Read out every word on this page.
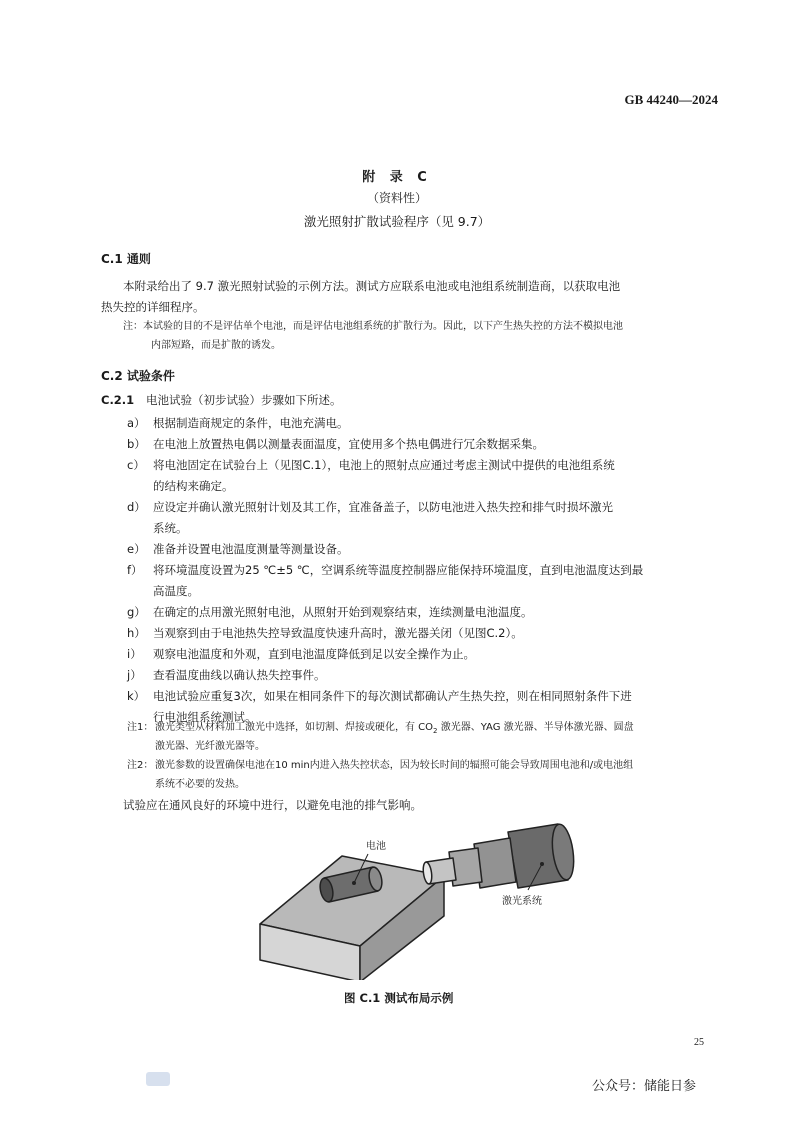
GB 44240—2024
附 录 C
（资料性）
激光照射扩散试验程序（见 9.7）
C.1 通则
本附录给出了 9.7 激光照射试验的示例方法。测试方应联系电池或电池组系统制造商，以获取电池
热失控的详细程序。
注：本试验的目的不是评估单个电池，而是评估电池组系统的扩散行为。因此，以下产生热失控的方法不模拟电池
内部短路，而是扩散的诱发。
C.2 试验条件
C.2.1 电池试验（初步试验）步骤如下所述。
a） 根据制造商规定的条件，电池充满电。
b） 在电池上放置热电偶以测量表面温度，宜使用多个热电偶进行冗余数据采集。
c） 将电池固定在试验台上（见图C.1），电池上的照射点应通过考虑主测试中提供的电池组系统
的结构来确定。
d） 应设定并确认激光照射计划及其工作，宜准备盖子，以防电池进入热失控和排气时损坏激光
系统。
e） 准备并设置电池温度测量等测量设备。
f） 将环境温度设置为25 ℃±5 ℃，空调系统等温度控制器应能保持环境温度，直到电池温度达到最
高温度。
g） 在确定的点用激光照射电池，从照射开始到观察结束，连续测量电池温度。
h） 当观察到由于电池热失控导致温度快速升高时，激光器关闭（见图C.2）。
i） 观察电池温度和外观，直到电池温度降低到足以安全操作为止。
j） 查看温度曲线以确认热失控事件。
k） 电池试验应重复3次，如果在相同条件下的每次测试都确认产生热失控，则在相同照射条件下进
行电池组系统测试。
注1： 激光类型从材料加工激光中选择，如切割、焊接或硬化，有 $CO_2$ 激光器、YAG 激光器、半导体激光器、圆盘
激光器、光纤激光器等。
注2： 激光参数的设置确保电池在10 min内进入热失控状态，因为较长时间的辐照可能会导致周围电池和/或电池组
系统不必要的发热。
试验应在通风良好的环境中进行，以避免电池的排气影响。
电池
激光系统
图 C.1 测试布局示例
25
公众号：储能日参
